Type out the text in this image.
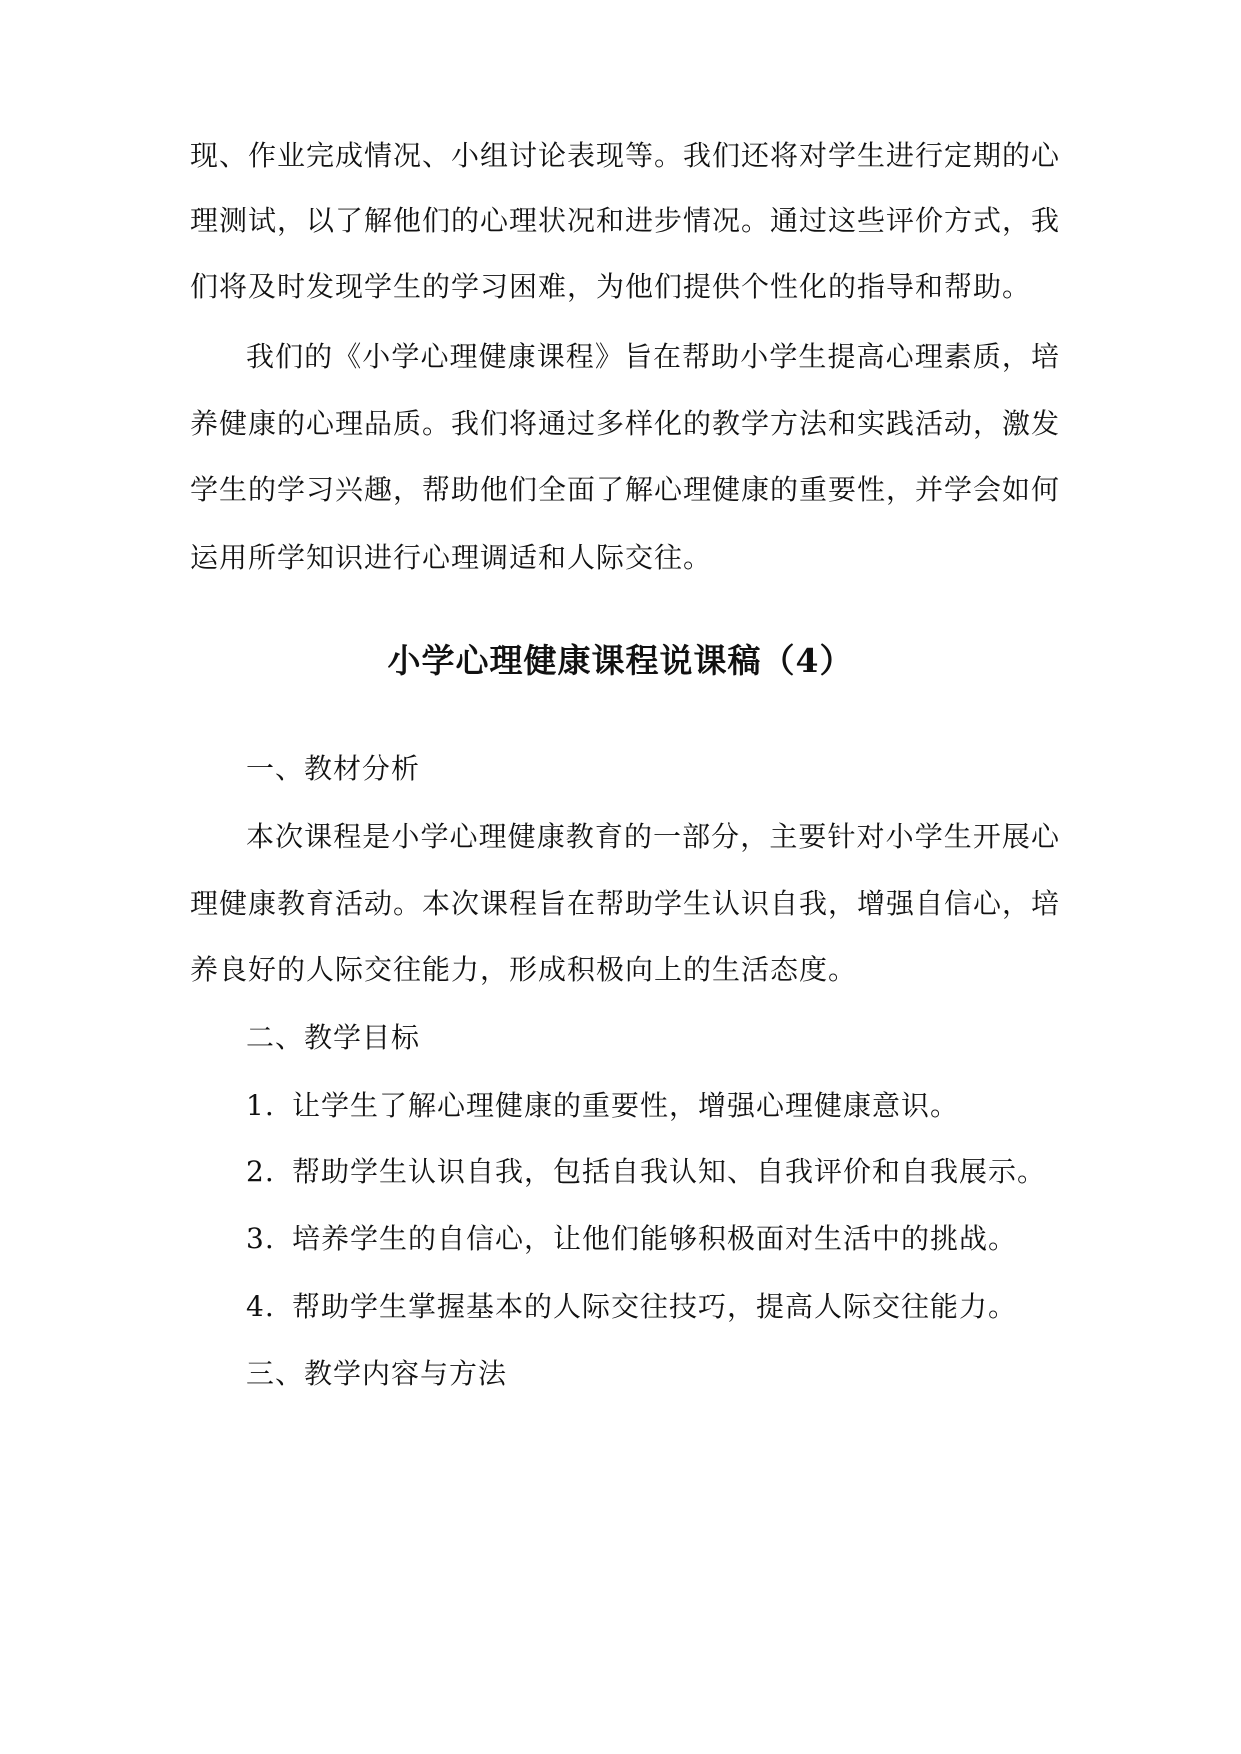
现、作业完成情况、小组讨论表现等。我们还将对学生进行定期的心
理测试，以了解他们的心理状况和进步情况。通过这些评价方式，我
们将及时发现学生的学习困难，为他们提供个性化的指导和帮助。
我们的《小学心理健康课程》旨在帮助小学生提高心理素质，培
养健康的心理品质。我们将通过多样化的教学方法和实践活动，激发
学生的学习兴趣，帮助他们全面了解心理健康的重要性，并学会如何
运用所学知识进行心理调适和人际交往。
小学心理健康课程说课稿（4）
一、教材分析
本次课程是小学心理健康教育的一部分，主要针对小学生开展心
理健康教育活动。本次课程旨在帮助学生认识自我，增强自信心，培
养良好的人际交往能力，形成积极向上的生活态度。
二、教学目标
1. 让学生了解心理健康的重要性，增强心理健康意识。
2. 帮助学生认识自我，包括自我认知、自我评价和自我展示。
3. 培养学生的自信心，让他们能够积极面对生活中的挑战。
4. 帮助学生掌握基本的人际交往技巧，提高人际交往能力。
三、教学内容与方法
